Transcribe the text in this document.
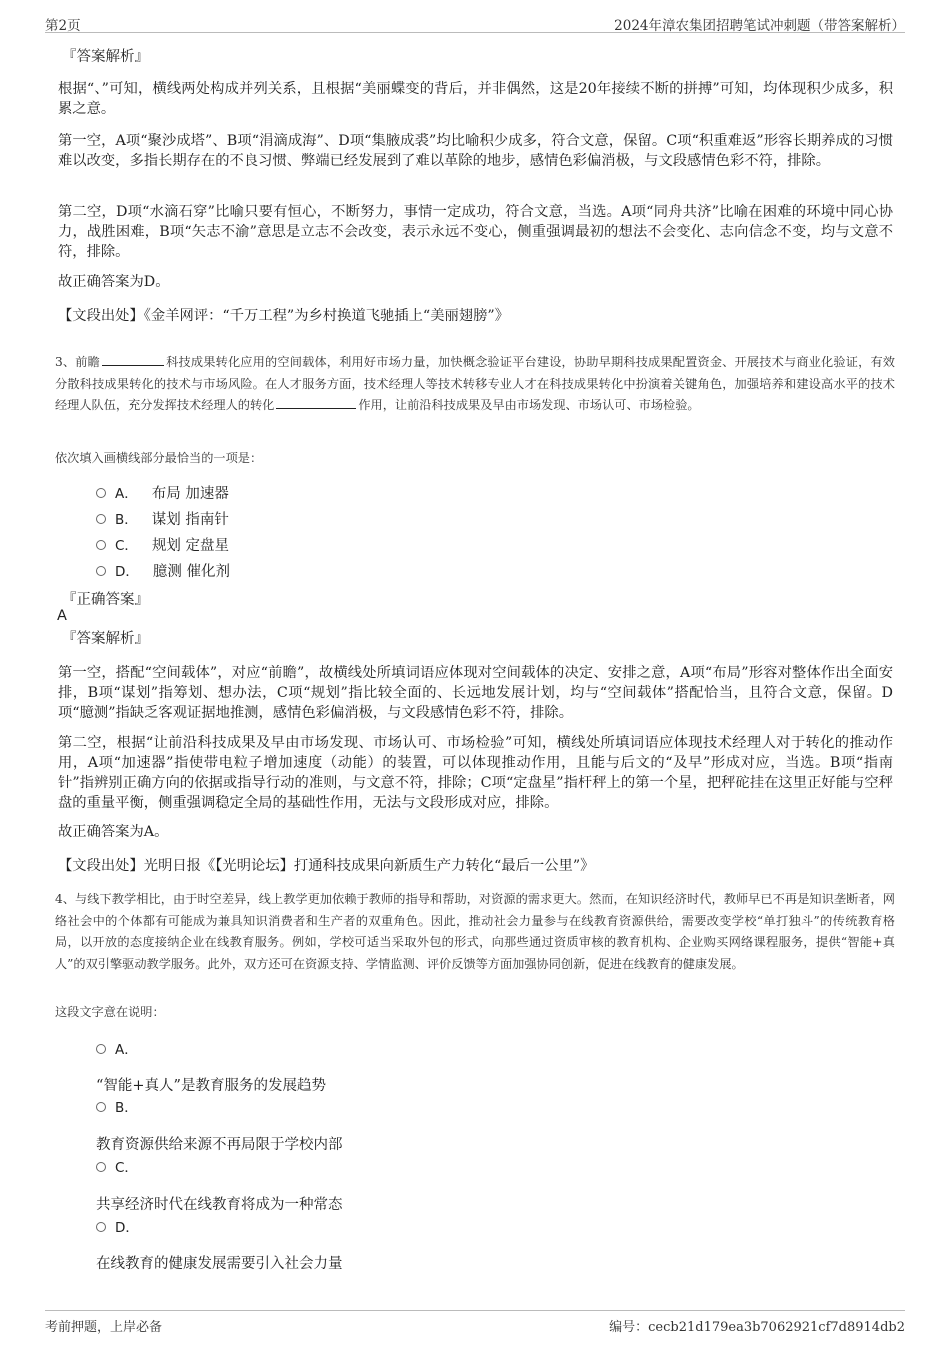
第2页	2024年漳农集团招聘笔试冲刺题（带答案解析）
『答案解析』
根据“、”可知，横线两处构成并列关系，且根据“美丽蝶变的背后，并非偶然，这是20年接续不断的拼搏”可知，均体现积少成多，积累之意。
第一空，A项“聚沙成塔”、B项“涓滴成海”、D项“集腋成裘”均比喻积少成多，符合文意，保留。C项“积重难返”形容长期养成的习惯难以改变，多指长期存在的不良习惯、弊端已经发展到了难以革除的地步，感情色彩偏消极，与文段感情色彩不符，排除。
第二空，D项“水滴石穿”比喻只要有恒心，不断努力，事情一定成功，符合文意，当选。A项“同舟共济”比喻在困难的环境中同心协力，战胜困难，B项“矢志不渝”意思是立志不会改变，表示永远不变心，侧重强调最初的想法不会变化、志向信念不变，均与文意不符，排除。
故正确答案为D。
【文段出处】《金羊网评：“千万工程”为乡村换道飞驰插上“美丽翅膀”》
3、前瞻	科技成果转化应用的空间载体，利用好市场力量，加快概念验证平台建设，协助早期科技成果配置资金、开展技术与商业化验证，有效分散科技成果转化的技术与市场风险。在人才服务方面，技术经理人等技术转移专业人才在科技成果转化中扮演着关键角色，加强培养和建设高水平的技术经理人队伍，充分发挥技术经理人的转化	作用，让前沿科技成果及早由市场发现、市场认可、市场检验。
依次填入画横线部分最恰当的一项是：
A． 布局 加速器
B． 谋划 指南针
C． 规划 定盘星
D． 臆测 催化剂
『正确答案』
A
『答案解析』
第一空，搭配“空间载体”，对应“前瞻”，故横线处所填词语应体现对空间载体的决定、安排之意，A项“布局”形容对整体作出全面安排，B项“谋划”指筹划、想办法，C项“规划”指比较全面的、长远地发展计划，均与“空间载体”搭配恰当，且符合文意，保留。D项“臆测”指缺乏客观证据地推测，感情色彩偏消极，与文段感情色彩不符，排除。
第二空，根据“让前沿科技成果及早由市场发现、市场认可、市场检验”可知，横线处所填词语应体现技术经理人对于转化的推动作用，A项“加速器”指使带电粒子增加速度（动能）的装置，可以体现推动作用，且能与后文的“及早”形成对应，当选。B项“指南针”指辨别正确方向的依据或指导行动的准则，与文意不符，排除；C项“定盘星”指杆秤上的第一个星，把秤砣挂在这里正好能与空秤盘的重量平衡，侧重强调稳定全局的基础性作用，无法与文段形成对应，排除。
故正确答案为A。
【文段出处】光明日报《【光明论坛】打通科技成果向新质生产力转化“最后一公里”》
4、与线下教学相比，由于时空差异，线上教学更加依赖于教师的指导和帮助，对资源的需求更大。然而，在知识经济时代，教师早已不再是知识垄断者，网络社会中的个体都有可能成为兼具知识消费者和生产者的双重角色。因此，推动社会力量参与在线教育资源供给，需要改变学校“单打独斗”的传统教育格局，以开放的态度接纳企业在线教育服务。例如，学校可适当采取外包的形式，向那些通过资质审核的教育机构、企业购买网络课程服务，提供“智能+真人”的双引擎驱动教学服务。此外，双方还可在资源支持、学情监测、评价反馈等方面加强协同创新，促进在线教育的健康发展。
这段文字意在说明：
A．
“智能+真人”是教育服务的发展趋势
B．
教育资源供给来源不再局限于学校内部
C．
共享经济时代在线教育将成为一种常态
D．
在线教育的健康发展需要引入社会力量
考前押题，上岸必备	编号：cecb21d179ea3b7062921cf7d8914db2
